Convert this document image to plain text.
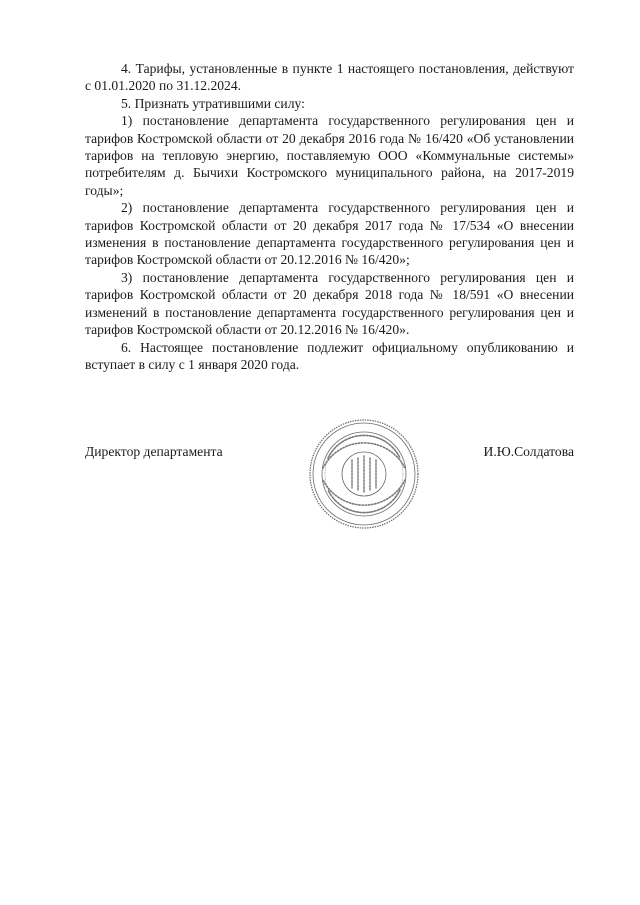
4. Тарифы, установленные в пункте 1 настоящего постановления, действуют с 01.01.2020 по 31.12.2024.

5. Признать утратившими силу:

1) постановление департамента государственного регулирования цен и тарифов Костромской области от 20 декабря 2016 года № 16/420 «Об установлении тарифов на тепловую энергию, поставляемую ООО «Коммунальные системы» потребителям д. Бычихи Костромского муниципального района, на 2017-2019 годы»;

2) постановление департамента государственного регулирования цен и тарифов Костромской области от 20 декабря 2017 года № 17/534 «О внесении изменения в постановление департамента государственного регулирования цен и тарифов Костромской области от 20.12.2016 № 16/420»;

3) постановление департамента государственного регулирования цен и тарифов Костромской области от 20 декабря 2018 года № 18/591 «О внесении изменений в постановление департамента государственного регулирования цен и тарифов Костромской области от 20.12.2016 № 16/420».

6. Настоящее постановление подлежит официальному опубликованию и вступает в силу с 1 января 2020 года.

Директор департамента	И.Ю.Солдатова
